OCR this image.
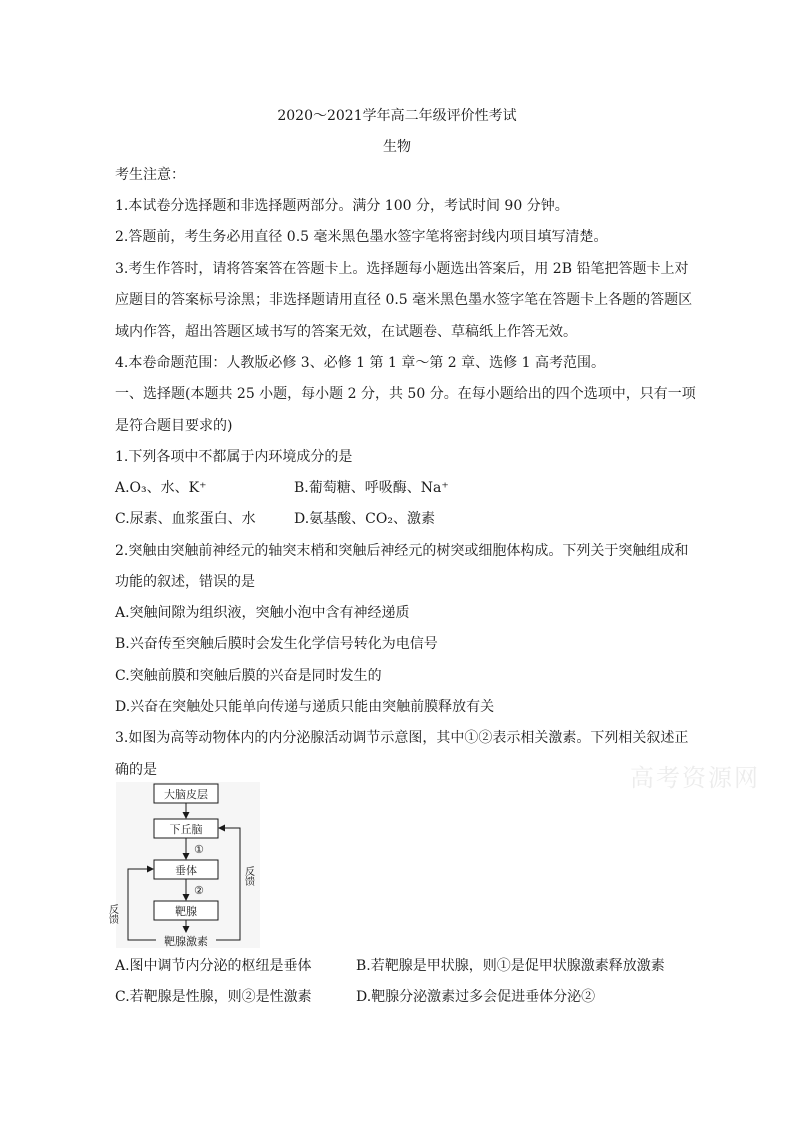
2020～2021学年高二年级评价性考试
生物
考生注意：
1.本试卷分选择题和非选择题两部分。满分 100 分，考试时间 90 分钟。
2.答题前，考生务必用直径 0.5 毫米黑色墨水签字笔将密封线内项目填写清楚。
3.考生作答时，请将答案答在答题卡上。选择题每小题选出答案后，用 2B 铅笔把答题卡上对
应题目的答案标号涂黑；非选择题请用直径 0.5 毫米黑色墨水签字笔在答题卡上各题的答题区
域内作答，超出答题区域书写的答案无效，在试题卷、草稿纸上作答无效。
4.本卷命题范围：人教版必修 3、必修 1 第 1 章～第 2 章、选修 1 高考范围。
一、选择题(本题共 25 小题，每小题 2 分，共 50 分。在每小题给出的四个选项中，只有一项
是符合题目要求的)
1.下列各项中不都属于内环境成分的是
A.O₃、水、K⁺	B.葡萄糖、呼吸酶、Na⁺
C.尿素、血浆蛋白、水	D.氨基酸、CO₂、激素
2.突触由突触前神经元的轴突末梢和突触后神经元的树突或细胞体构成。下列关于突触组成和
功能的叙述，错误的是
A.突触间隙为组织液，突触小泡中含有神经递质
B.兴奋传至突触后膜时会发生化学信号转化为电信号
C.突触前膜和突触后膜的兴奋是同时发生的
D.兴奋在突触处只能单向传递与递质只能由突触前膜释放有关
3.如图为高等动物体内的内分泌腺活动调节示意图，其中①②表示相关激素。下列相关叙述正
确的是	高考资源网
大脑皮层
下丘脑
垂体
靶腺
靶腺激素
①
②
反馈
反馈
A.图中调节内分泌的枢纽是垂体	B.若靶腺是甲状腺，则①是促甲状腺激素释放激素
C.若靶腺是性腺，则②是性激素	D.靶腺分泌激素过多会促进垂体分泌②
